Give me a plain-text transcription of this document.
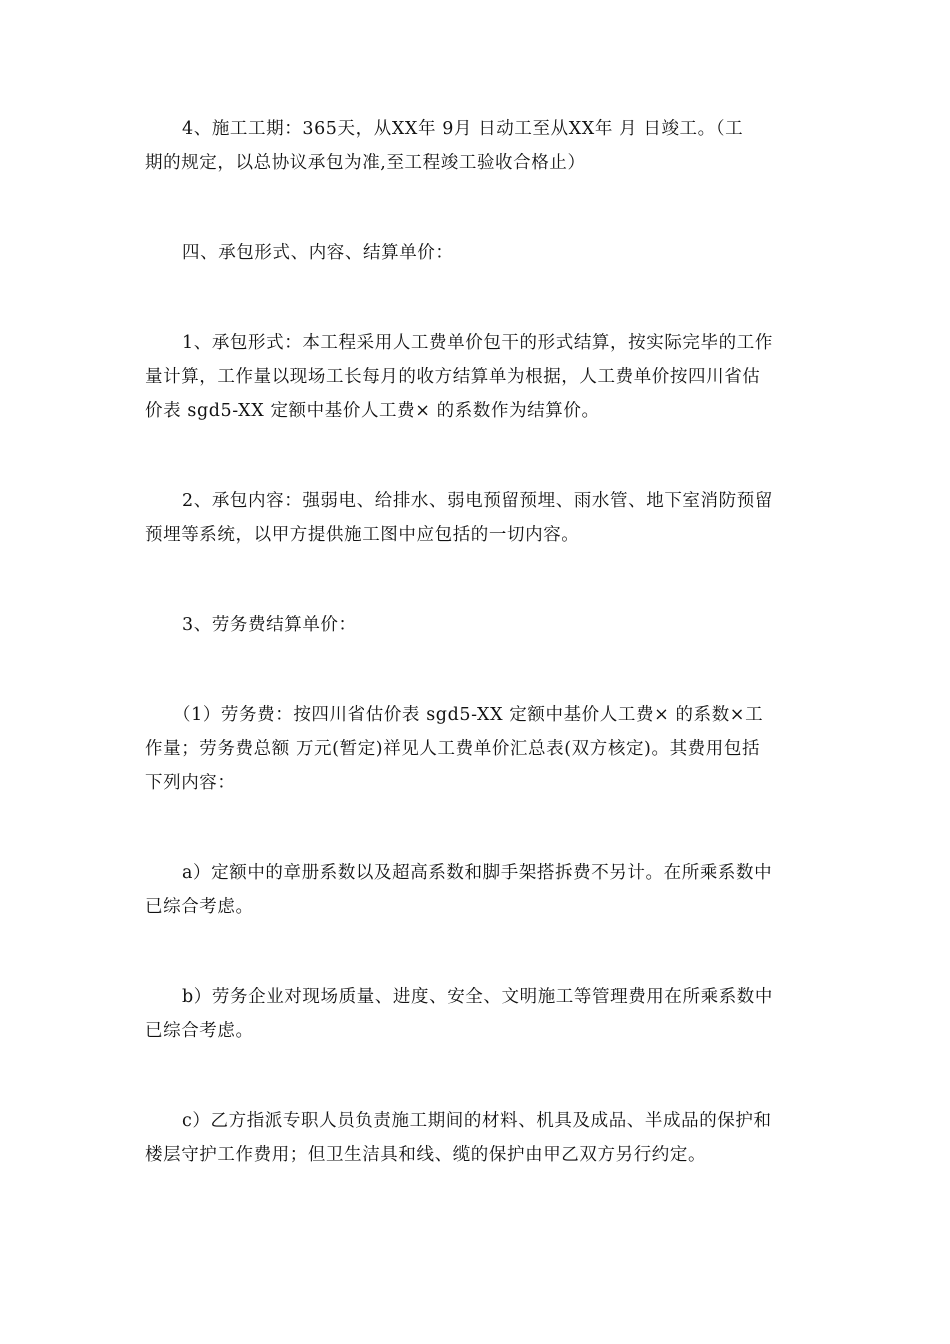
4、施工工期：365天，从XX年 9月 日动工至从XX年 月 日竣工。（工
期的规定，以总协议承包为准,至工程竣工验收合格止）

四、承包形式、内容、结算单价：

1、承包形式：本工程采用人工费单价包干的形式结算，按实际完毕的工作
量计算，工作量以现场工长每月的收方结算单为根据，人工费单价按四川省估
价表 sgd5-XX 定额中基价人工费× 的系数作为结算价。

2、承包内容：强弱电、给排水、弱电预留预埋、雨水管、地下室消防预留
预埋等系统，以甲方提供施工图中应包括的一切内容。

3、劳务费结算单价：

（1）劳务费：按四川省估价表 sgd5-XX 定额中基价人工费× 的系数×工
作量；劳务费总额 万元(暂定)祥见人工费单价汇总表(双方核定)。其费用包括
下列内容：

a）定额中的章册系数以及超高系数和脚手架搭拆费不另计。在所乘系数中
已综合考虑。

b）劳务企业对现场质量、进度、安全、文明施工等管理费用在所乘系数中
已综合考虑。

c）乙方指派专职人员负责施工期间的材料、机具及成品、半成品的保护和
楼层守护工作费用；但卫生洁具和线、缆的保护由甲乙双方另行约定。
